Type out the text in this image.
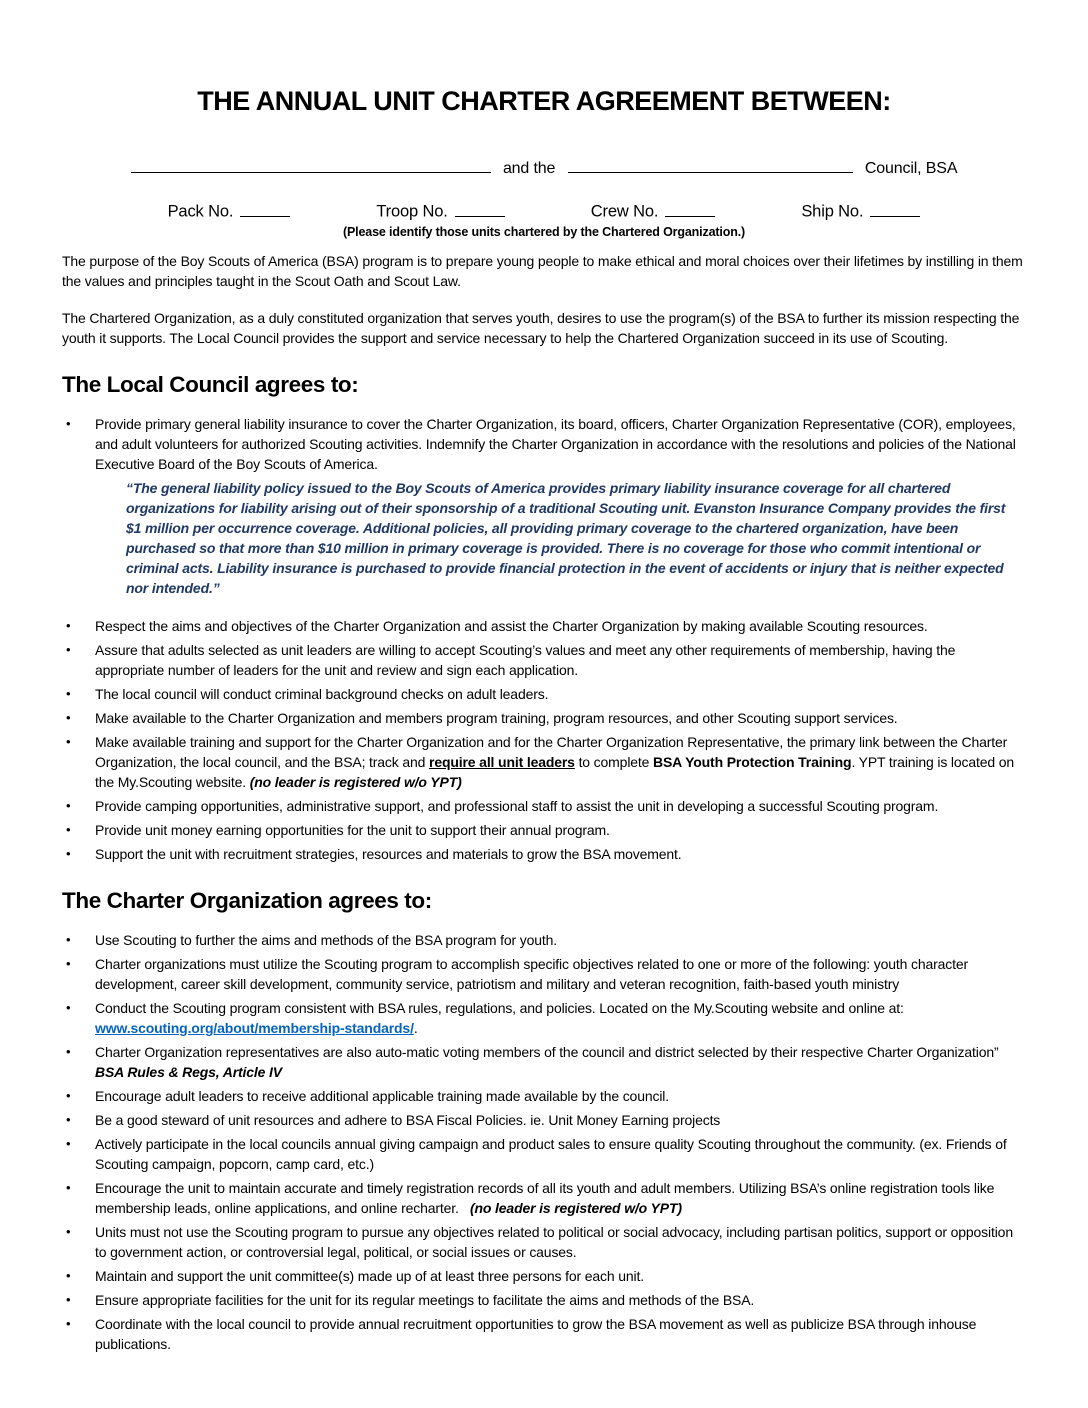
THE ANNUAL UNIT CHARTER AGREEMENT BETWEEN:
and the	Council, BSA
Pack No.	Troop No.	Crew No.	Ship No.
(Please identify those units chartered by the Chartered Organization.)

The purpose of the Boy Scouts of America (BSA) program is to prepare young people to make ethical and moral choices over their lifetimes by instilling in them the values and principles taught in the Scout Oath and Scout Law.

The Chartered Organization, as a duly constituted organization that serves youth, desires to use the program(s) of the BSA to further its mission respecting the youth it supports. The Local Council provides the support and service necessary to help the Chartered Organization succeed in its use of Scouting.

The Local Council agrees to:
• Provide primary general liability insurance to cover the Charter Organization, its board, officers, Charter Organization Representative (COR), employees, and adult volunteers for authorized Scouting activities. Indemnify the Charter Organization in accordance with the resolutions and policies of the National Executive Board of the Boy Scouts of America.
“The general liability policy issued to the Boy Scouts of America provides primary liability insurance coverage for all chartered organizations for liability arising out of their sponsorship of a traditional Scouting unit. Evanston Insurance Company provides the first $1 million per occurrence coverage. Additional policies, all providing primary coverage to the chartered organization, have been purchased so that more than $10 million in primary coverage is provided. There is no coverage for those who commit intentional or criminal acts. Liability insurance is purchased to provide financial protection in the event of accidents or injury that is neither expected nor intended.”
• Respect the aims and objectives of the Charter Organization and assist the Charter Organization by making available Scouting resources.
• Assure that adults selected as unit leaders are willing to accept Scouting’s values and meet any other requirements of membership, having the appropriate number of leaders for the unit and review and sign each application.
• The local council will conduct criminal background checks on adult leaders.
• Make available to the Charter Organization and members program training, program resources, and other Scouting support services.
• Make available training and support for the Charter Organization and for the Charter Organization Representative, the primary link between the Charter Organization, the local council, and the BSA; track and require all unit leaders to complete BSA Youth Protection Training. YPT training is located on the My.Scouting website. (no leader is registered w/o YPT)
• Provide camping opportunities, administrative support, and professional staff to assist the unit in developing a successful Scouting program.
• Provide unit money earning opportunities for the unit to support their annual program.
• Support the unit with recruitment strategies, resources and materials to grow the BSA movement.
The Charter Organization agrees to:
• Use Scouting to further the aims and methods of the BSA program for youth.
• Charter organizations must utilize the Scouting program to accomplish specific objectives related to one or more of the following: youth character development, career skill development, community service, patriotism and military and veteran recognition, faith-based youth ministry
• Conduct the Scouting program consistent with BSA rules, regulations, and policies. Located on the My.Scouting website and online at: www.scouting.org/about/membership-standards/.
• Charter Organization representatives are also auto-matic voting members of the council and district selected by their respective Charter Organization” BSA Rules & Regs, Article IV
• Encourage adult leaders to receive additional applicable training made available by the council.
• Be a good steward of unit resources and adhere to BSA Fiscal Policies. ie. Unit Money Earning projects
• Actively participate in the local councils annual giving campaign and product sales to ensure quality Scouting throughout the community. (ex. Friends of Scouting campaign, popcorn, camp card, etc.)
• Encourage the unit to maintain accurate and timely registration records of all its youth and adult members. Utilizing BSA’s online registration tools like membership leads, online applications, and online recharter.   (no leader is registered w/o YPT)
• Units must not use the Scouting program to pursue any objectives related to political or social advocacy, including partisan politics, support or opposition to government action, or controversial legal, political, or social issues or causes.
• Maintain and support the unit committee(s) made up of at least three persons for each unit.
• Ensure appropriate facilities for the unit for its regular meetings to facilitate the aims and methods of the BSA.
• Coordinate with the local council to provide annual recruitment opportunities to grow the BSA movement as well as publicize BSA through inhouse publications.
